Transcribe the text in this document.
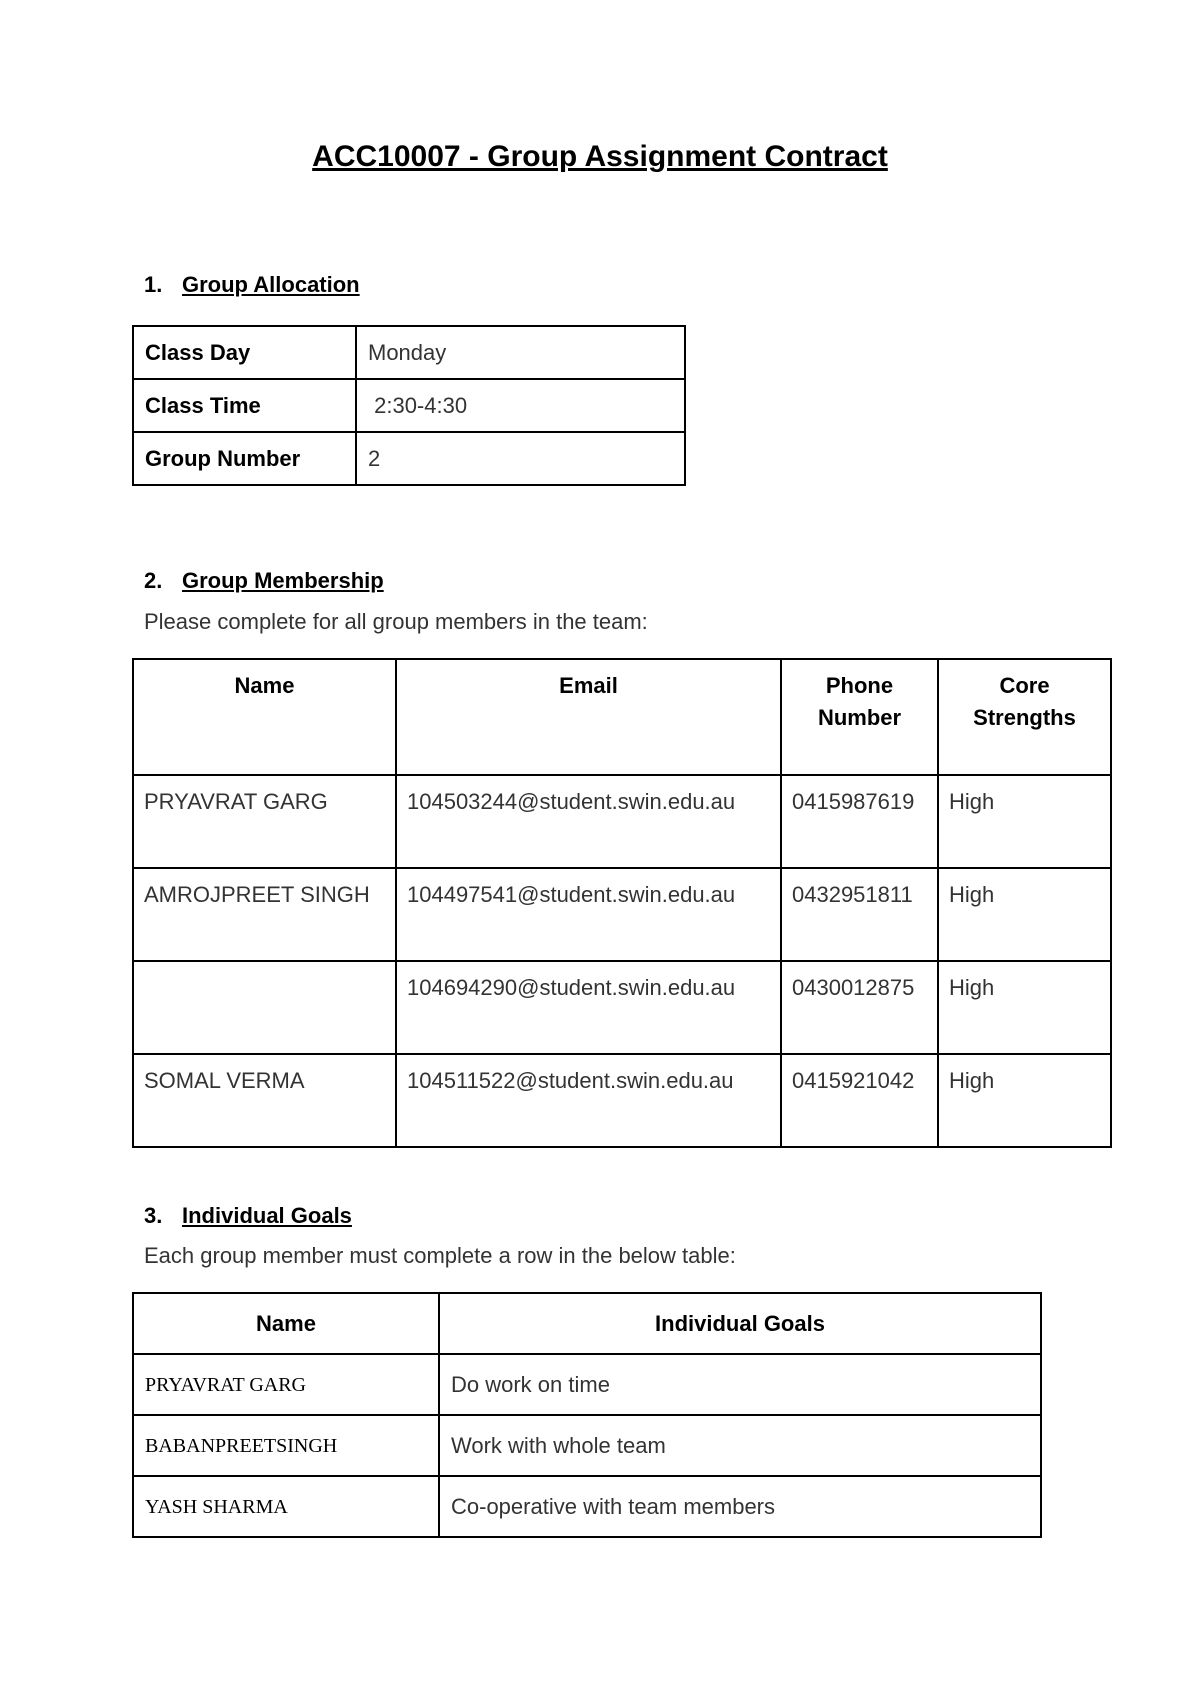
ACC10007 - Group Assignment Contract
1. Group Allocation
Class Day	Monday
Class Time	2:30-4:30
Group Number	2
2. Group Membership
Please complete for all group members in the team:
Name	Email	Phone Number	Core Strengths
PRYAVRAT GARG	104503244@student.swin.edu.au	0415987619	High
AMROJPREET SINGH	104497541@student.swin.edu.au	0432951811	High
	104694290@student.swin.edu.au	0430012875	High
SOMAL VERMA	104511522@student.swin.edu.au	0415921042	High
3. Individual Goals
Each group member must complete a row in the below table:
Name	Individual Goals
PRYAVRAT GARG	Do work on time
BABANPREETSINGH	Work with whole team
YASH SHARMA	Co-operative with team members
